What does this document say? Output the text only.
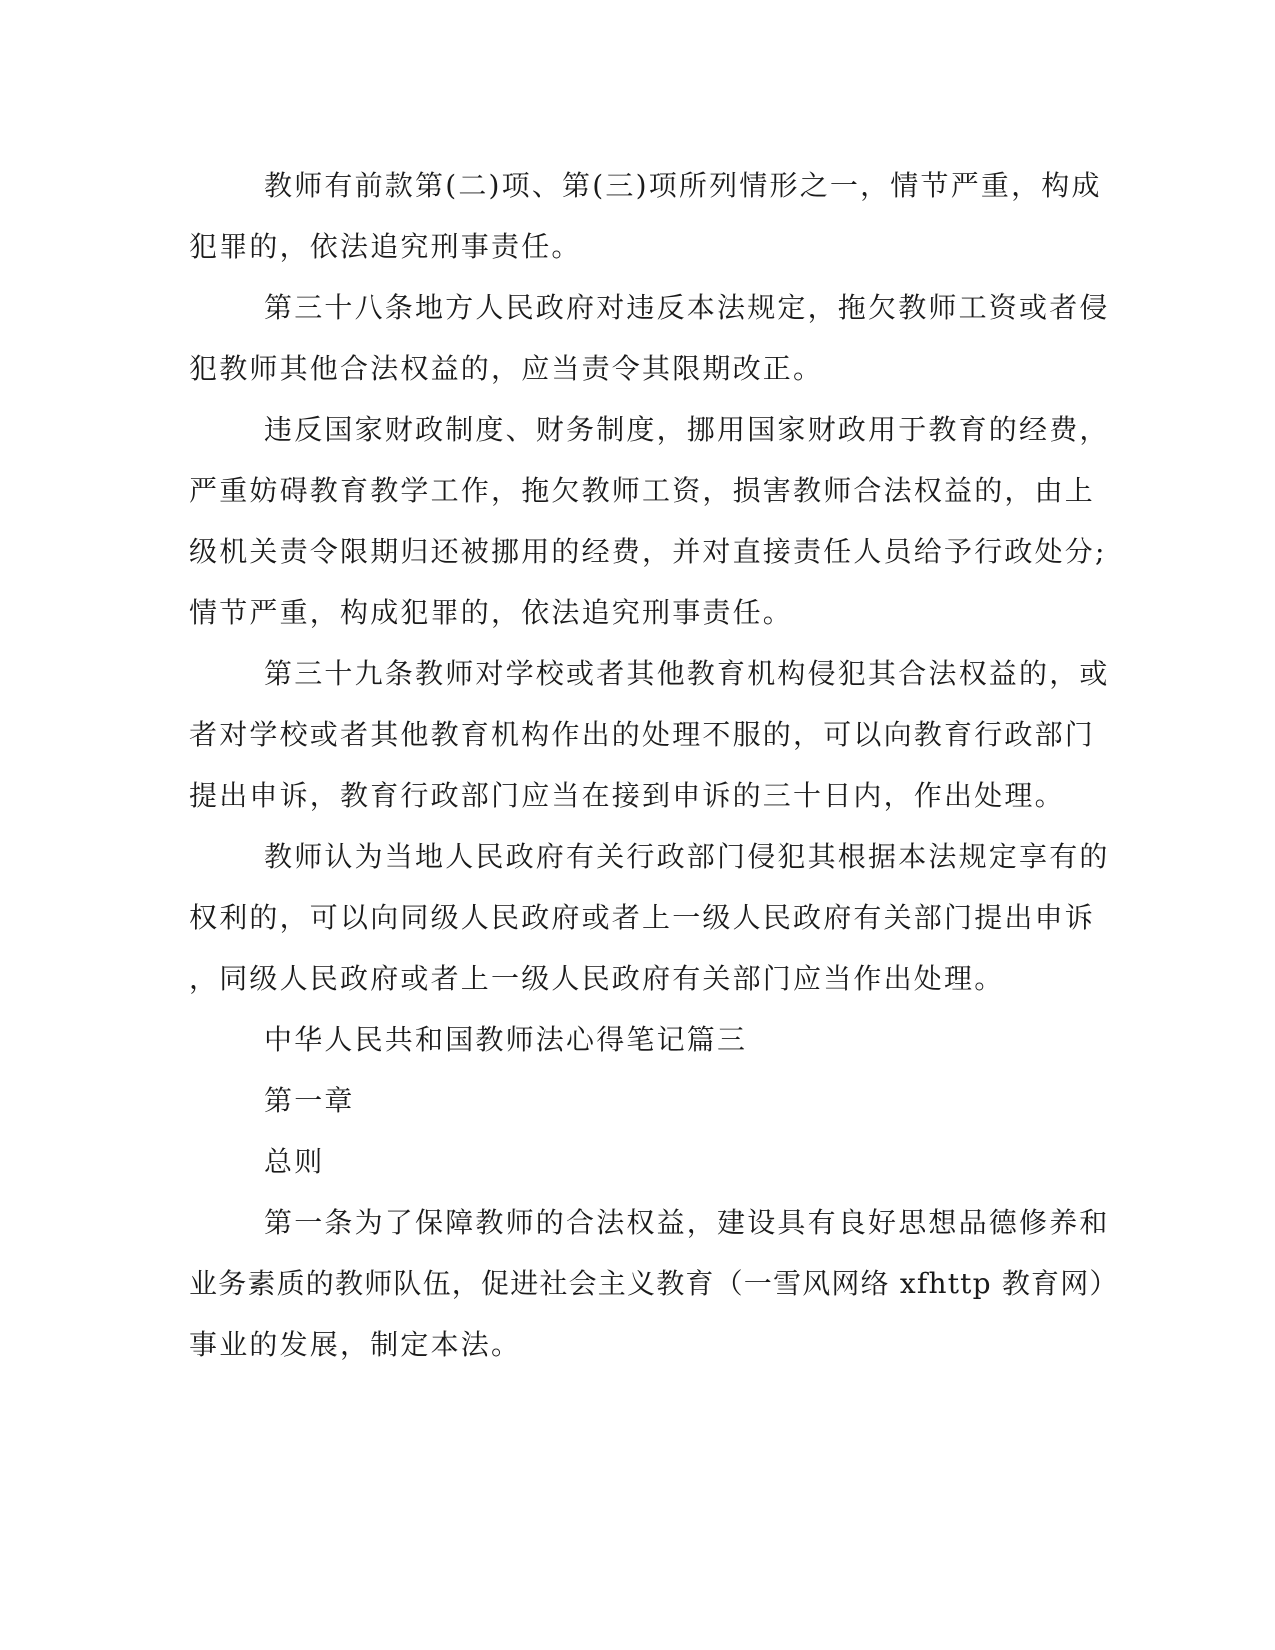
教师有前款第(二)项、第(三)项所列情形之一，情节严重，构成
犯罪的，依法追究刑事责任。
第三十八条地方人民政府对违反本法规定，拖欠教师工资或者侵
犯教师其他合法权益的，应当责令其限期改正。
违反国家财政制度、财务制度，挪用国家财政用于教育的经费，
严重妨碍教育教学工作，拖欠教师工资，损害教师合法权益的，由上
级机关责令限期归还被挪用的经费，并对直接责任人员给予行政处分;
情节严重，构成犯罪的，依法追究刑事责任。
第三十九条教师对学校或者其他教育机构侵犯其合法权益的，或
者对学校或者其他教育机构作出的处理不服的，可以向教育行政部门
提出申诉，教育行政部门应当在接到申诉的三十日内，作出处理。
教师认为当地人民政府有关行政部门侵犯其根据本法规定享有的
权利的，可以向同级人民政府或者上一级人民政府有关部门提出申诉
，同级人民政府或者上一级人民政府有关部门应当作出处理。
中华人民共和国教师法心得笔记篇三
第一章
总则
第一条为了保障教师的合法权益，建设具有良好思想品德修养和
业务素质的教师队伍，促进社会主义教育（一雪风网络 xfhttp 教育网）
事业的发展，制定本法。
